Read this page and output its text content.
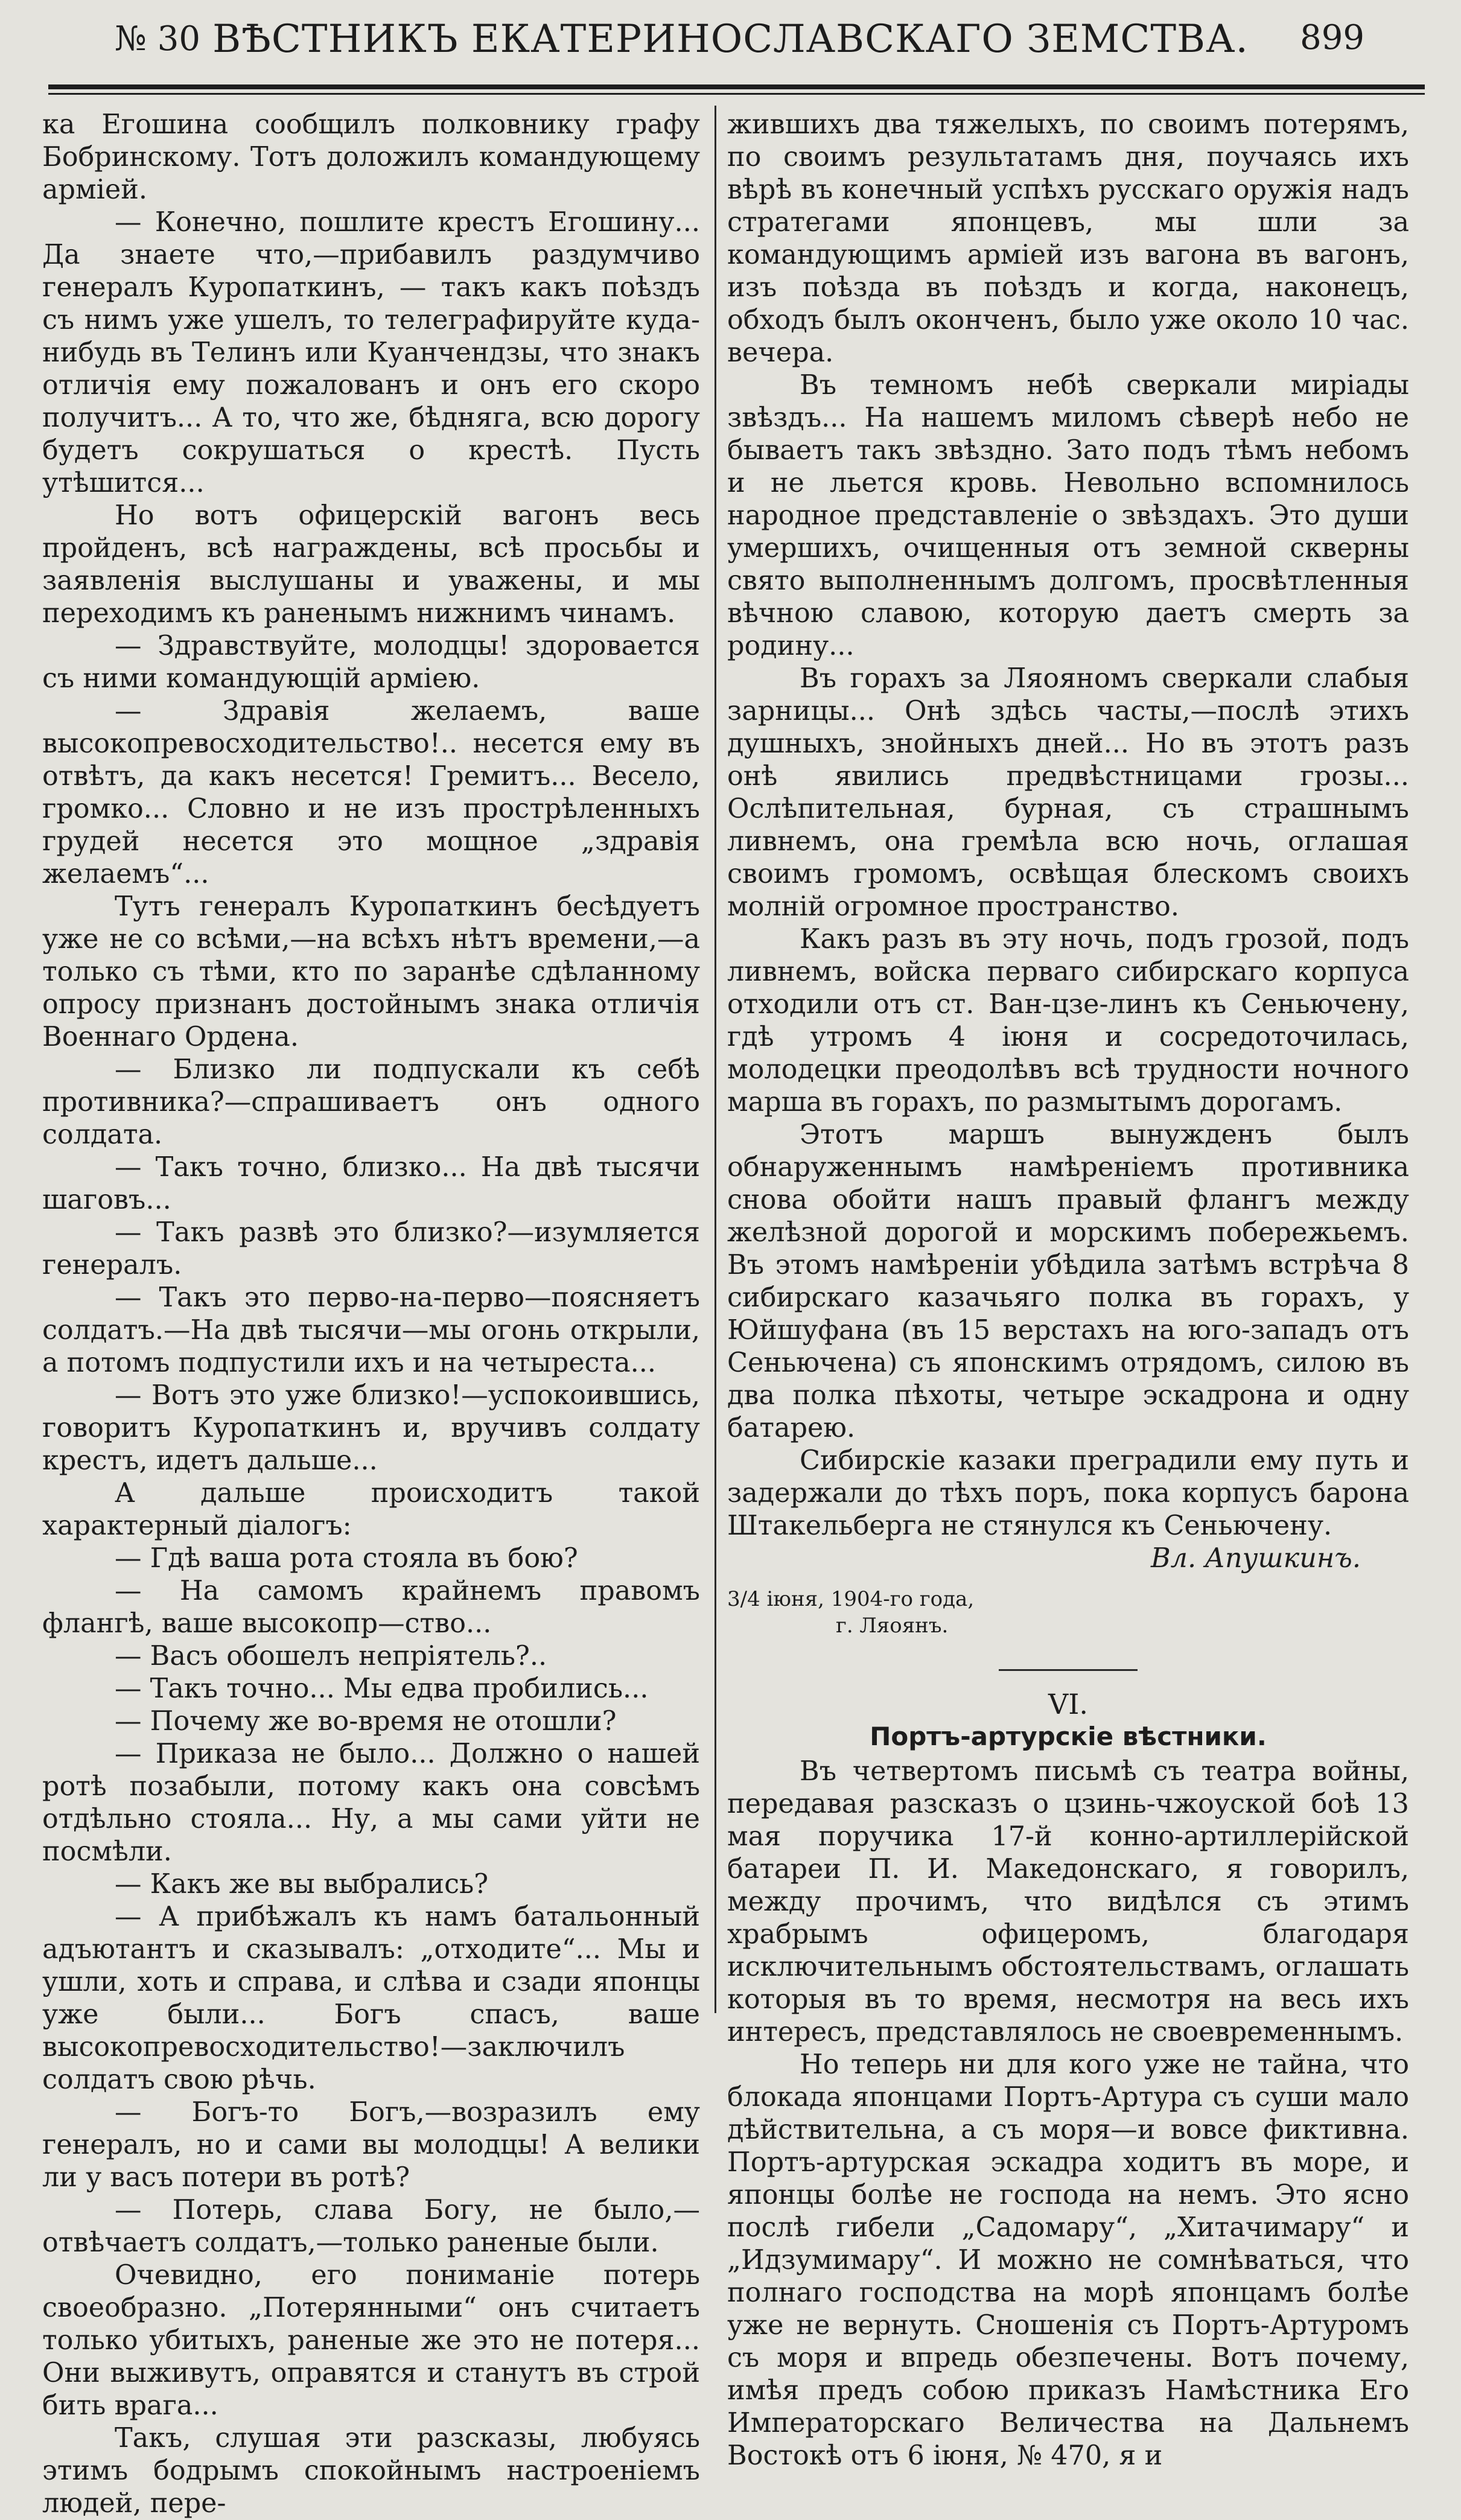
№ 30 ВѢСТНИКЪ ЕКАТЕРИНОСЛАВСКАГО ЗЕМСТВА.	899

ка Егошина сообщилъ полковнику графу Бобринскому. Тотъ доложилъ командующему арміей.

— Конечно, пошлите крестъ Егошину... Да знаете что,—прибавилъ раздумчиво генералъ Куропаткинъ, — такъ какъ поѣздъ съ нимъ уже ушелъ, то телеграфируйте куда-нибудь въ Телинъ или Куанчендзы, что знакъ отличія ему пожалованъ и онъ его скоро получитъ... А то, что же, бѣдняга, всю дорогу будетъ сокрушаться о крестѣ. Пусть утѣшится...

Но вотъ офицерскій вагонъ весь пройденъ, всѣ награждены, всѣ просьбы и заявленія выслушаны и уважены, и мы переходимъ къ раненымъ нижнимъ чинамъ.

— Здравствуйте, молодцы! здоровается съ ними командующій арміею.

— Здравія желаемъ, ваше высокопревосходительство!.. несется ему въ отвѣтъ, да какъ несется! Гремитъ... Весело, громко... Словно и не изъ прострѣленныхъ грудей несется это мощное „здравія желаемъ“...

Тутъ генералъ Куропаткинъ бесѣдуетъ уже не со всѣми,—на всѣхъ нѣтъ времени,—а только съ тѣми, кто по заранѣе сдѣланному опросу признанъ достойнымъ знака отличія Военнаго Ордена.

— Близко ли подпускали къ себѣ противника?—спрашиваетъ онъ одного солдата.

— Такъ точно, близко... На двѣ тысячи шаговъ...

— Такъ развѣ это близко?—изумляется генералъ.

— Такъ это перво-на-перво—поясняетъ солдатъ.—На двѣ тысячи—мы огонь открыли, а потомъ подпустили ихъ и на четыреста...

— Вотъ это уже близко!—успокоившись, говоритъ Куропаткинъ и, вручивъ солдату крестъ, идетъ дальше...

А дальше происходитъ такой характерный діалогъ:

— Гдѣ ваша рота стояла въ бою?

— На самомъ крайнемъ правомъ флангѣ, ваше высокопр—ство...

— Васъ обошелъ непріятель?..

— Такъ точно... Мы едва пробились...

— Почему же во-время не отошли?

— Приказа не было... Должно о нашей ротѣ позабыли, потому какъ она совсѣмъ отдѣльно стояла... Ну, а мы сами уйти не посмѣли.

— Какъ же вы выбрались?

— А прибѣжалъ къ намъ батальонный адъютантъ и сказывалъ: „отходите“... Мы и ушли, хоть и справа, и слѣва и сзади японцы уже были... Богъ спасъ, ваше высокопревосходительство!—заключилъ солдатъ свою рѣчь.

— Богъ-то Богъ,—возразилъ ему генералъ, но и сами вы молодцы! А велики ли у васъ потери въ ротѣ?

— Потерь, слава Богу, не было,—отвѣчаетъ солдатъ,—только раненые были.

Очевидно, его пониманіе потерь своеобразно. „Потерянными“ онъ считаетъ только убитыхъ, раненые же это не потеря... Они выживутъ, оправятся и станутъ въ строй бить врага...

Такъ, слушая эти разсказы, любуясь этимъ бодрымъ спокойнымъ настроеніемъ людей, пере-

жившихъ два тяжелыхъ, по своимъ потерямъ, по своимъ результатамъ дня, поучаясь ихъ вѣрѣ въ конечный успѣхъ русскаго оружія надъ стратегами японцевъ, мы шли за командующимъ арміей изъ вагона въ вагонъ, изъ поѣзда въ поѣздъ и когда, наконецъ, обходъ былъ оконченъ, было уже около 10 час. вечера.

Въ темномъ небѣ сверкали миріады звѣздъ... На нашемъ миломъ сѣверѣ небо не бываетъ такъ звѣздно. Зато подъ тѣмъ небомъ и не льется кровь. Невольно вспомнилось народное представленіе о звѣздахъ. Это души умершихъ, очищенныя отъ земной скверны свято выполненнымъ долгомъ, просвѣтленныя вѣчною славою, которую даетъ смерть за родину...

Въ горахъ за Ляояномъ сверкали слабыя зарницы... Онѣ здѣсь часты,—послѣ этихъ душныхъ, знойныхъ дней... Но въ этотъ разъ онѣ явились предвѣстницами грозы... Ослѣпительная, бурная, съ страшнымъ ливнемъ, она гремѣла всю ночь, оглашая своимъ громомъ, освѣщая блескомъ своихъ молній огромное пространство.

Какъ разъ въ эту ночь, подъ грозой, подъ ливнемъ, войска перваго сибирскаго корпуса отходили отъ ст. Ван-цзе-линъ къ Сеньючену, гдѣ утромъ 4 іюня и сосредоточилась, молодецки преодолѣвъ всѣ трудности ночного марша въ горахъ, по размытымъ дорогамъ.

Этотъ маршъ вынужденъ былъ обнаруженнымъ намѣреніемъ противника снова обойти нашъ правый флангъ между желѣзной дорогой и морскимъ побережьемъ. Въ этомъ намѣреніи убѣдила затѣмъ встрѣча 8 сибирскаго казачьяго полка въ горахъ, у Юйшуфана (въ 15 верстахъ на юго-западъ отъ Сеньючена) съ японскимъ отрядомъ, силою въ два полка пѣхоты, четыре эскадрона и одну батарею.

Сибирскіе казаки преградили ему путь и задержали до тѣхъ поръ, пока корпусъ барона Штакельберга не стянулся къ Сеньючену.

Вл. Апушкинъ.

3/4 іюня, 1904-го года,
г. Ляоянъ.

VI.

Портъ-артурскіе вѣстники.

Въ четвертомъ письмѣ съ театра войны, передавая разсказъ о цзинь-чжоуской боѣ 13 мая поручика 17-й конно-артиллерійской батареи П. И. Македонскаго, я говорилъ, между прочимъ, что видѣлся съ этимъ храбрымъ офицеромъ, благодаря исключительнымъ обстоятельствамъ, оглашать которыя въ то время, несмотря на весь ихъ интересъ, представлялось не своевременнымъ.

Но теперь ни для кого уже не тайна, что блокада японцами Портъ-Артура съ суши мало дѣйствительна, а съ моря—и вовсе фиктивна. Портъ-артурская эскадра ходитъ въ море, и японцы болѣе не господа на немъ. Это ясно послѣ гибели „Садомару“, „Хитачимару“ и „Идзумимару“. И можно не сомнѣваться, что полнаго господства на морѣ японцамъ болѣе уже не вернуть. Сношенія съ Портъ-Артуромъ съ моря и впредь обезпечены. Вотъ почему, имѣя предъ собою приказъ Намѣстника Его Императорскаго Величества на Дальнемъ Востокѣ отъ 6 іюня, № 470, я и
